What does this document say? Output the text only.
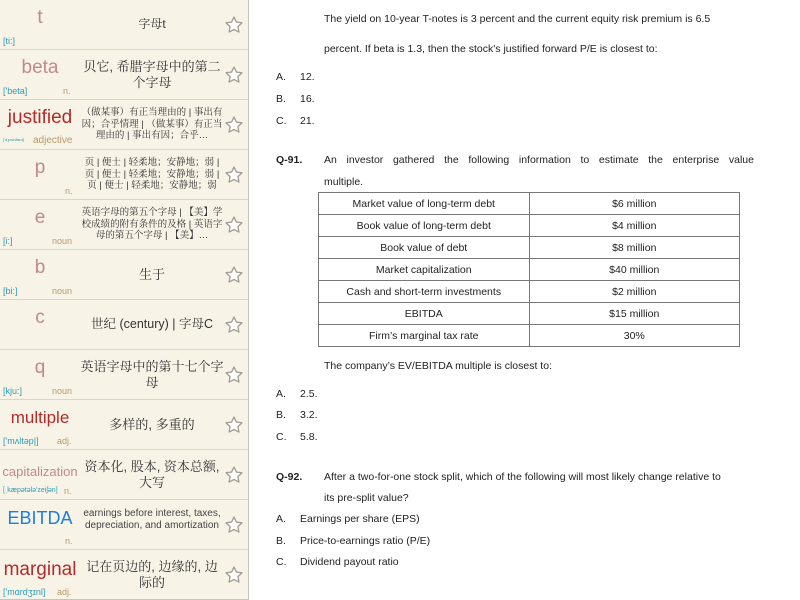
t
[ti:]
字母t
beta
['beta]	n.
贝它, 希腊字母中的第二个字母
justified
['dʒʌstɪfaɪd] adjective
（做某事）有正当理由的 | 事出有因；合乎情理 | （做某事）有正当理由的 | 事出有因；合乎…
p
n.
页 | 便士 | 轻柔地；安静地；弱 | 页 | 便士 | 轻柔地；安静地；弱 | 页 | 便士 | 轻柔地；安静地；弱
e
[i:]	noun
英语字母的第五个字母 | 【美】学校成绩的附有条件的及格 | 英语字母的第五个字母 | 【美】…
b
[bi:]	noun
生于
c	世纪 (century) | 字母C
q
[kju:]	noun
英语字母中的第十七个字母
multiple
['mʌltəp|] adj.
多样的, 多重的
capitalization
[ˌkæpətələ'zeiʃən] n.
资本化, 股本, 资本总额, 大写
EBITDA
n.
earnings before interest, taxes, depreciation, and amortization
marginal
['mɑrdʒɪnl] adj.
记在页边的, 边缘的, 边际的
The yield on 10-year T-notes is 3 percent and the current equity risk premium is 6.5
percent. If beta is 1.3, then the stock's justified forward P/E is closest to:
A. 12.
B. 16.
C. 21.
Q-91. An investor gathered the following information to estimate the enterprise value
multiple.
Market value of long-term debt	$6 million
Book value of long-term debt	$4 million
Book value of debt	$8 million
Market capitalization	$40 million
Cash and short-term investments	$2 million
EBITDA	$15 million
Firm’s marginal tax rate	30%
The company’s EV/EBITDA multiple is closest to:
A. 2.5.
B. 3.2.
C. 5.8.
Q-92. After a two-for-one stock split, which of the following will most likely change relative to
its pre-split value?
A. Earnings per share (EPS)
B. Price-to-earnings ratio (P/E)
C. Dividend payout ratio
